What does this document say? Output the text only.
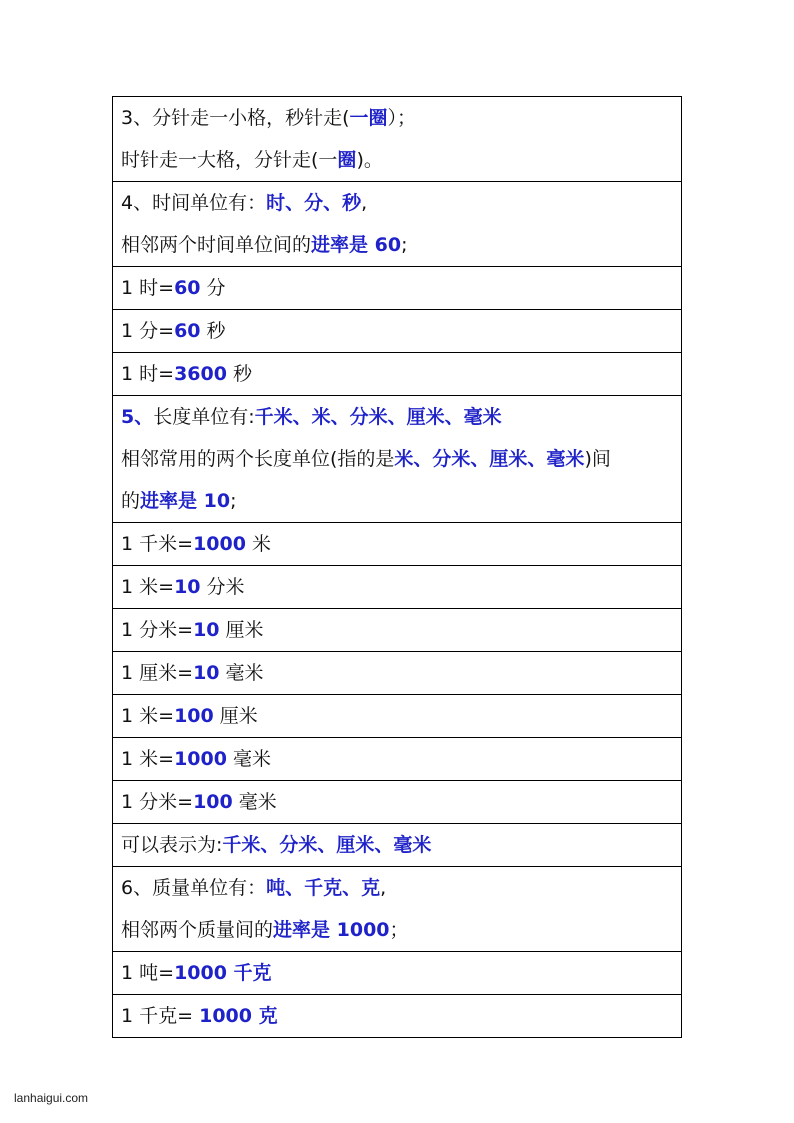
3、分针走一小格，秒针走(一圈）；
时针走一大格，分针走(一圈)。

4、时间单位有：时、分、秒,
相邻两个时间单位间的进率是 60;

1 时=60 分

1 分=60 秒

1 时=3600 秒

5、长度单位有:千米、米、分米、厘米、毫米
相邻常用的两个长度单位(指的是米、分米、厘米、毫米)间
的进率是 10;

1 千米=1000 米

1 米=10 分米

1 分米=10 厘米

1 厘米=10 毫米

1 米=100 厘米

1 米=1000 毫米

1 分米=100 毫米

可以表示为:千米、分米、厘米、毫米

6、质量单位有：吨、千克、克,
相邻两个质量间的进率是 1000；

1 吨=1000 千克

1 千克= 1000 克
lanhaigui.com
